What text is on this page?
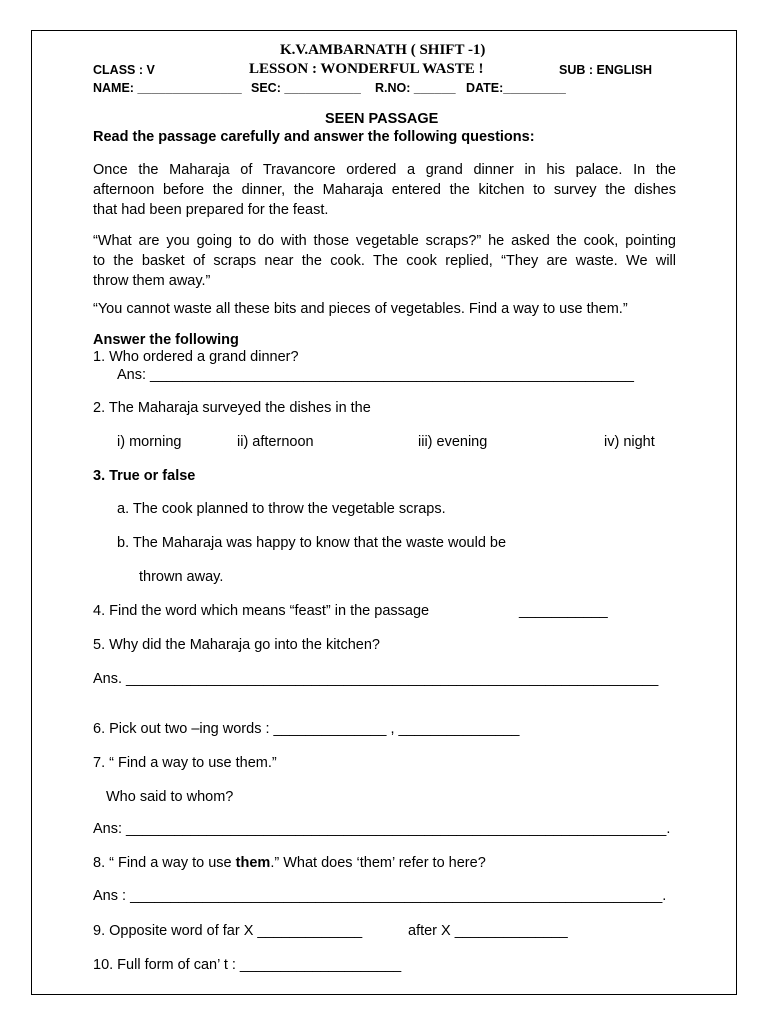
K.V.AMBARNATH ( SHIFT -1)
CLASS : V	LESSON : WONDERFUL WASTE !	SUB : ENGLISH
NAME: _______________ SEC: ___________ R.NO: ______ DATE:_________
SEEN PASSAGE
Read the passage carefully and answer the following questions:
Once the Maharaja of Travancore ordered a grand dinner in his palace. In the
afternoon before the dinner, the Maharaja entered the kitchen to survey the dishes
that had been prepared for the feast.
“What are you going to do with those vegetable scraps?” he asked the cook, pointing
to the basket of scraps near the cook. The cook replied, “They are waste. We will
throw them away.”
“You cannot waste all these bits and pieces of vegetables. Find a way to use them.”
Answer the following
1. Who ordered a grand dinner?
Ans: ____________________________________________________________
2. The Maharaja surveyed the dishes in the
i) morning	ii) afternoon	iii) evening	iv) night
3. True or false
a. The cook planned to throw the vegetable scraps.
b. The Maharaja was happy to know that the waste would be
thrown away.
4. Find the word which means “feast” in the passage	___________
5. Why did the Maharaja go into the kitchen?
Ans. __________________________________________________________________
6. Pick out two –ing words : ______________ , _______________
7. “ Find a way to use them.”
Who said to whom?
Ans: ___________________________________________________________________.
8. “ Find a way to use them.” What does ‘them’ refer to here?
Ans : __________________________________________________________________.
9. Opposite word of far X _____________	after X ______________
10. Full form of can’ t : ____________________
